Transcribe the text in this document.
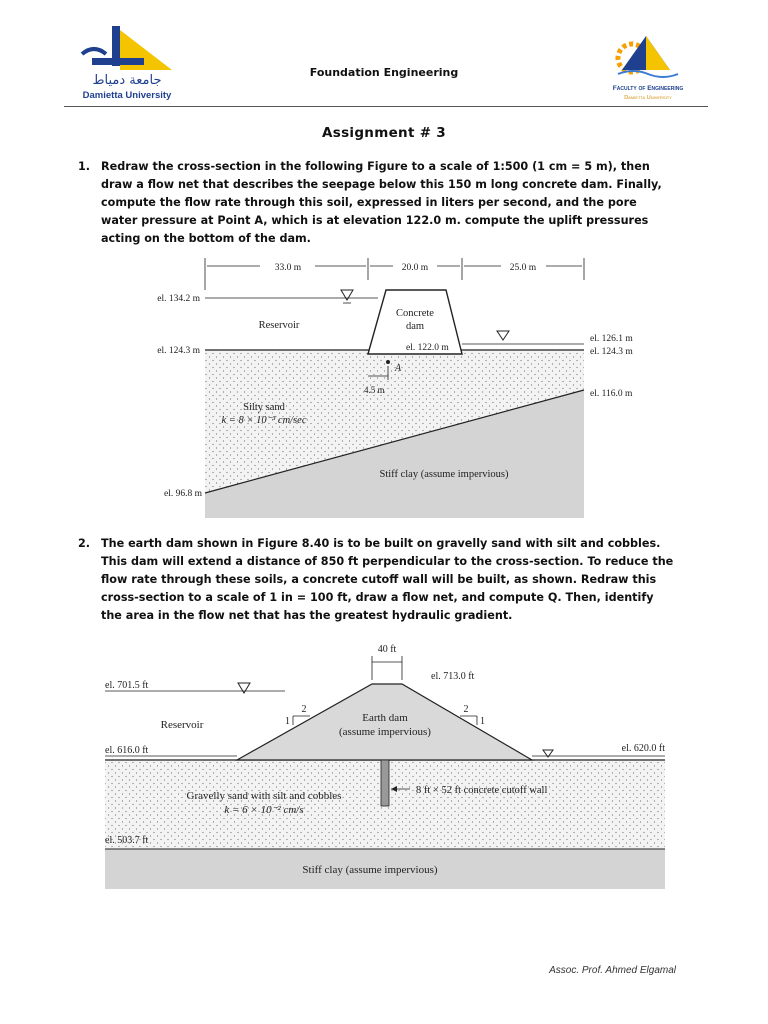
جامعة دمياط
Damietta University
Foundation Engineering
Faculty of Engineering
Damietta University
Assignment # 3
1. Redraw the cross-section in the following Figure to a scale of 1:500 (1 cm = 5 m), then draw a flow net that describes the seepage below this 150 m long concrete dam. Finally, compute the flow rate through this soil, expressed in liters per second, and the pore water pressure at Point A, which is at elevation 122.0 m. compute the uplift pressures acting on the bottom of the dam.
33.0 m	20.0 m	25.0 m
el. 134.2 m
el. 124.3 m
el. 126.1 m
el. 124.3 m
el. 122.0 m
el. 116.0 m
el. 96.8 m
Reservoir
Concrete
dam
A
4.5 m
Silty sand
k = 8 × 10⁻³ cm/sec
Stiff clay (assume impervious)
2. The earth dam shown in Figure 8.40 is to be built on gravelly sand with silt and cobbles. This dam will extend a distance of 850 ft perpendicular to the cross-section. To reduce the flow rate through these soils, a concrete cutoff wall will be built, as shown. Redraw this cross-section to a scale of 1 in = 100 ft, draw a flow net, and compute Q. Then, identify the area in the flow net that has the greatest hydraulic gradient.
40 ft
2
1
2
1
el. 701.5 ft
el. 713.0 ft
el. 616.0 ft	el. 620.0 ft
el. 503.7 ft
Reservoir
Earth dam
(assume impervious)
Gravelly sand with silt and cobbles
k = 6 × 10⁻² cm/s
8 ft × 52 ft concrete cutoff wall
Stiff clay (assume impervious)
Assoc. Prof. Ahmed Elgamal
